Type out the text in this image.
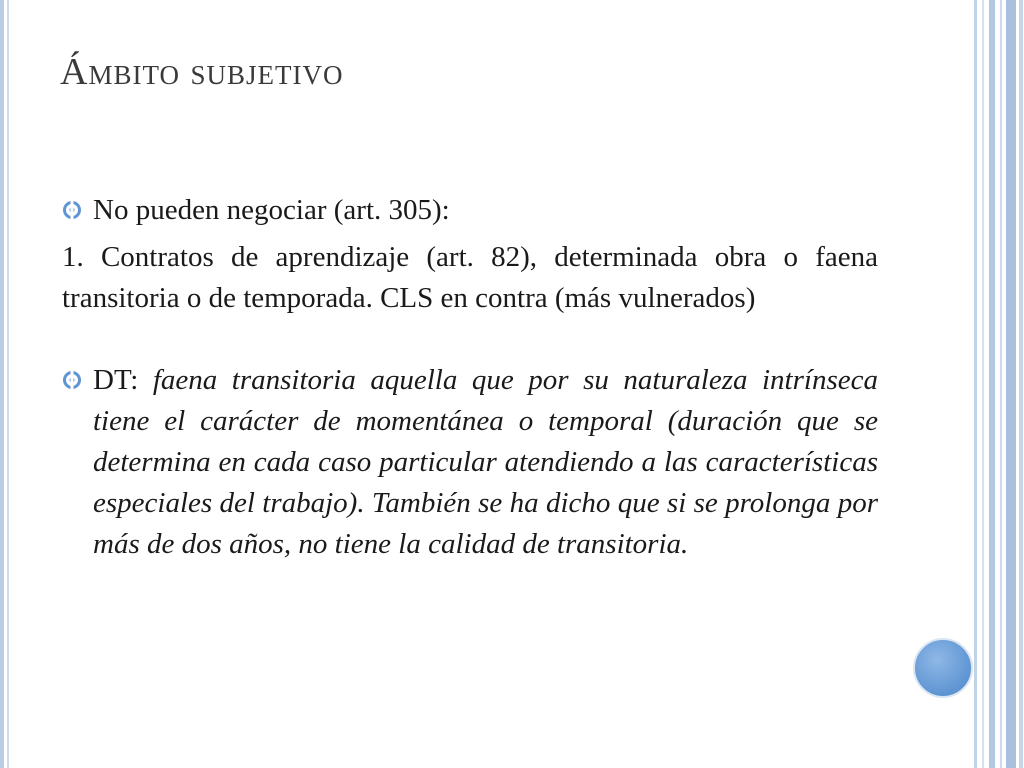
Ámbito subjetivo

No pueden negociar (art. 305):

1. Contratos de aprendizaje (art. 82), determinada obra o faena transitoria o de temporada. CLS en contra (más vulnerados)

DT: faena transitoria aquella que por su naturaleza intrínseca tiene el carácter de momentánea o temporal (duración que se determina en cada caso particular atendiendo a las características especiales del trabajo). También se ha dicho que si se prolonga por más de dos años, no tiene la calidad de transitoria.
